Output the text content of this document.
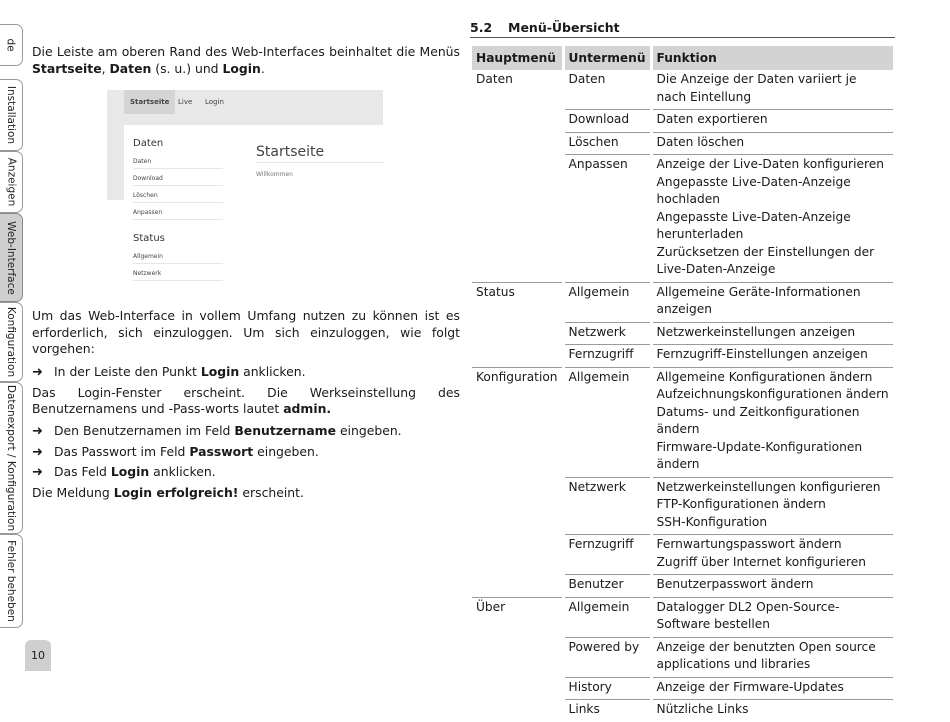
de
Installation
Anzeigen
Web-Interface
Konfiguration
Datenexport / Konfiguration
Fehler beheben
10

Die Leiste am oberen Rand des Web-Interfaces beinhaltet die Menüs Startseite, Daten (s. u.) und Login.

Um das Web-Interface in vollem Umfang nutzen zu können ist es erforderlich, sich einzuloggen. Um sich einzuloggen, wie folgt vorgehen:

➜ In der Leiste den Punkt Login anklicken.

Das Login-Fenster erscheint. Die Werkseinstellung des Benutzernamens und -Pass-worts lautet admin.

➜ Den Benutzernamen im Feld Benutzername eingeben.
➜ Das Passwort im Feld Passwort eingeben.
➜ Das Feld Login anklicken.

Die Meldung Login erfolgreich! erscheint.

Startseite	Live	Login
Daten
Daten
Download
Löschen
Anpassen
Status
Allgemein
Netzwerk
Startseite
Willkommen
5.2 Menü-Übersicht
Hauptmenü	Untermenü	Funktion
Daten	Daten	Die Anzeige der Daten variiert je nach Eintellung
	Download	Daten exportieren
	Löschen	Daten löschen
	Anpassen	Anzeige der Live-Daten konfigurieren
Angepasste Live-Daten-Anzeige hochladen
Angepasste Live-Daten-Anzeige herunterladen
Zurücksetzen der Einstellungen der Live-Daten-Anzeige
Status	Allgemein	Allgemeine Geräte-Informationen anzeigen
	Netzwerk	Netzwerkeinstellungen anzeigen
	Fernzugriff	Fernzugriff-Einstellungen anzeigen
Konfiguration	Allgemein	Allgemeine Konfigurationen ändern
Aufzeichnungskonfigurationen ändern
Datums- und Zeitkonfigurationen ändern
Firmware-Update-Konfigurationen ändern
	Netzwerk	Netzwerkeinstellungen konfigurieren
FTP-Konfigurationen ändern
SSH-Konfiguration
	Fernzugriff	Fernwartungspasswort ändern
Zugriff über Internet konfigurieren
	Benutzer	Benutzerpasswort ändern
Über	Allgemein	Datalogger DL2 Open-Source-Software bestellen
	Powered by	Anzeige der benutzten Open source applications und libraries
	History	Anzeige der Firmware-Updates
	Links	Nützliche Links
